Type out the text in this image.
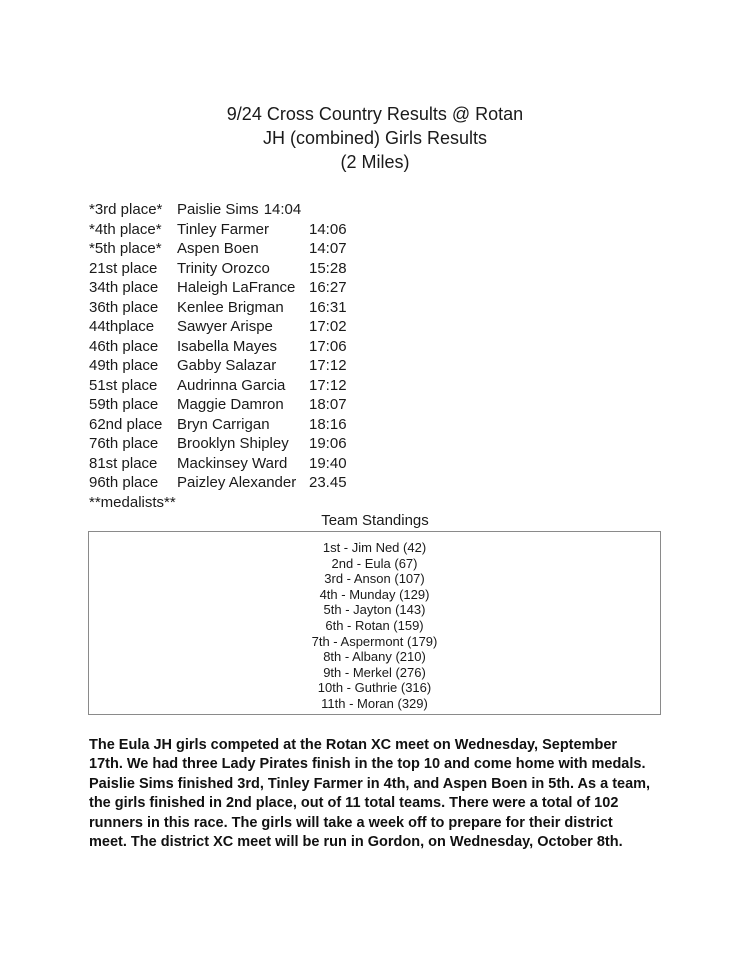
9/24 Cross Country Results @ Rotan
JH (combined) Girls Results
(2 Miles)
*3rd place* Paislie Sims 14:04
*4th place*	Tinley Farmer	14:06
*5th place*	Aspen Boen	14:07
21st place	Trinity Orozco	15:28
34th place	Haleigh LaFrance 16:27
36th place	Kenlee Brigman	16:31
44thplace	Sawyer Arispe	17:02
46th place	Isabella Mayes	17:06
49th place	Gabby Salazar	17:12
51st place	Audrinna Garcia	17:12
59th place	Maggie Damron	18:07
62nd place Bryn Carrigan	18:16
76th place	Brooklyn Shipley	19:06
81st place	Mackinsey Ward	19:40
96th place	Paizley Alexander 23.45
**medalists**
Team Standings
1st - Jim Ned (42)
2nd - Eula (67)
3rd - Anson (107)
4th - Munday (129)
5th - Jayton (143)
6th - Rotan (159)
7th - Aspermont (179)
8th - Albany (210)
9th - Merkel (276)
10th - Guthrie (316)
11th - Moran (329)
The Eula JH girls competed at the Rotan XC meet on Wednesday, September
17th. We had three Lady Pirates finish in the top 10 and come home with medals.
Paislie Sims finished 3rd, Tinley Farmer in 4th, and Aspen Boen in 5th. As a team,
the girls finished in 2nd place, out of 11 total teams. There were a total of 102
runners in this race. The girls will take a week off to prepare for their district
meet. The district XC meet will be run in Gordon, on Wednesday, October 8th.
